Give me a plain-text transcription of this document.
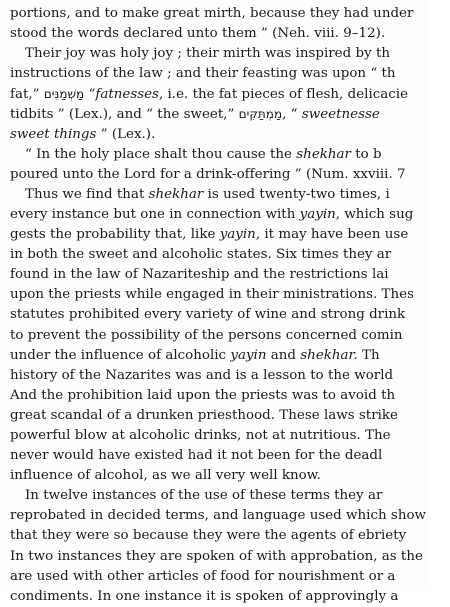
portions, and to make great mirth, because they had under
stood the words declared unto them ” (Neh. viii. 9–12).
Their joy was holy joy ; their mirth was inspired by th
instructions of the law ; and their feasting was upon “ th
fat,” מַשְׁמַנִּים “fatnesses, i.e. the fat pieces of flesh, delicacie
tidbits ” (Lex.), and “ the sweet,” מַמְתַּקִּים, “ sweetnesse
sweet things ” (Lex.).
“ In the holy place shalt thou cause the shekhar to b
poured unto the Lord for a drink-offering ” (Num. xxviii. 7
Thus we find that shekhar is used twenty-two times, i
every instance but one in connection with yayin, which sug
gests the probability that, like yayin, it may have been use
in both the sweet and alcoholic states. Six times they ar
found in the law of Nazariteship and the restrictions lai
upon the priests while engaged in their ministrations. Thes
statutes prohibited every variety of wine and strong drink
to prevent the possibility of the persons concerned comin
under the influence of alcoholic yayin and shekhar. Th
history of the Nazarites was and is a lesson to the world
And the prohibition laid upon the priests was to avoid th
great scandal of a drunken priesthood. These laws strike
powerful blow at alcoholic drinks, not at nutritious. The
never would have existed had it not been for the deadl
influence of alcohol, as we all very well know.
In twelve instances of the use of these terms they ar
reprobated in decided terms, and language used which show
that they were so because they were the agents of ebriety
In two instances they are spoken of with approbation, as the
are used with other articles of food for nourishment or a
condiments. In one instance it is spoken of approvingly a
